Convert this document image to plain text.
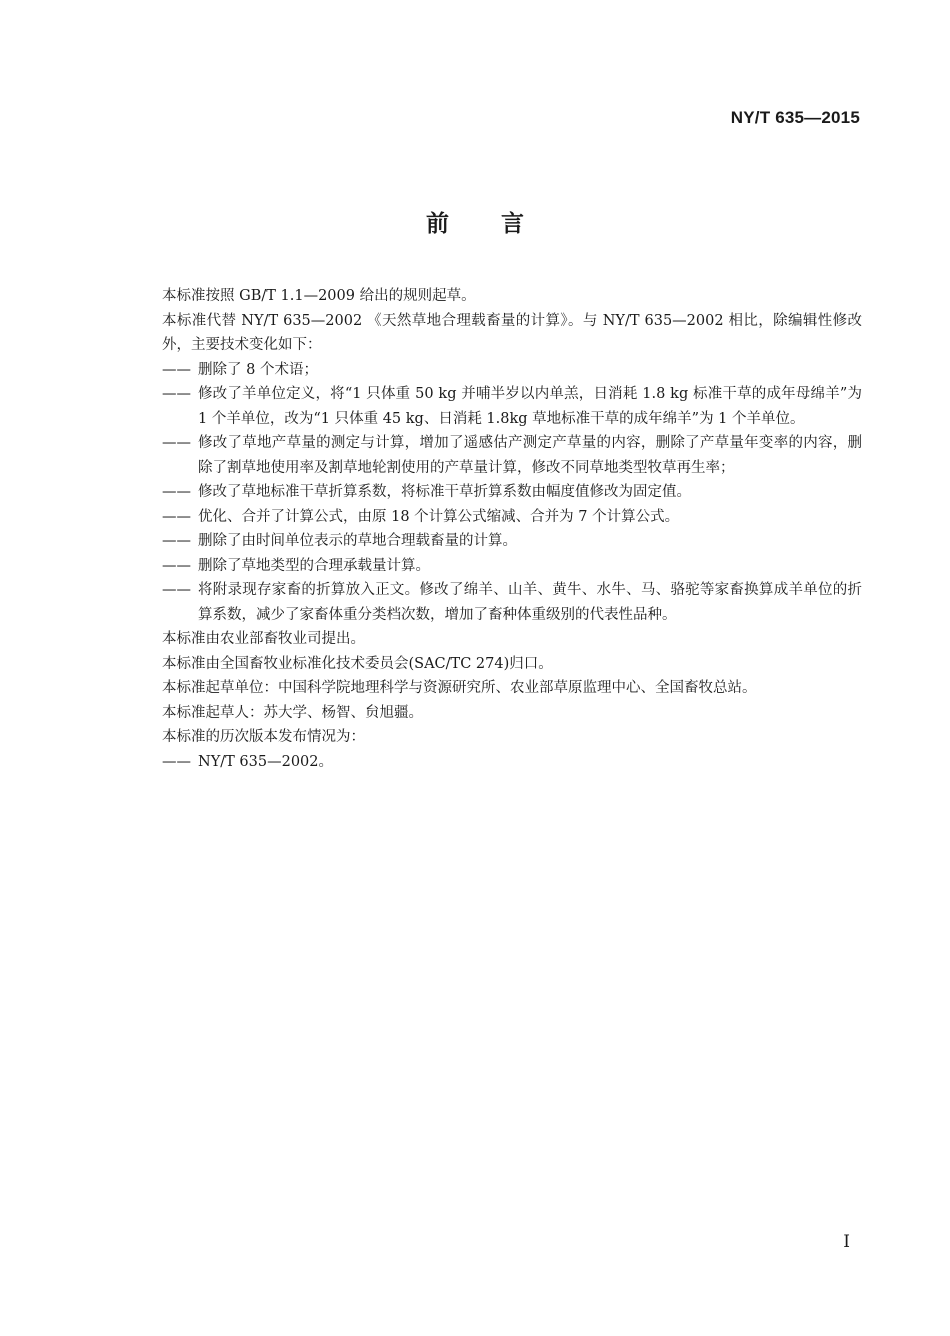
NY/T 635—2015
前言

本标准按照 GB/T 1.1—2009 给出的规则起草。

本标准代替 NY/T 635—2002 《天然草地合理载畜量的计算》。与 NY/T 635—2002 相比，除编辑性修改外，主要技术变化如下：

—— 删除了 8 个术语；
—— 修改了羊单位定义，将“1 只体重 50 kg 并哺半岁以内单羔，日消耗 1.8 kg 标准干草的成年母绵羊”为 1 个羊单位，改为“1 只体重 45 kg、日消耗 1.8kg 草地标准干草的成年绵羊”为 1 个羊单位。
—— 修改了草地产草量的测定与计算，增加了遥感估产测定产草量的内容，删除了产草量年变率的内容，删除了割草地使用率及割草地轮割使用的产草量计算，修改不同草地类型牧草再生率；
—— 修改了草地标准干草折算系数，将标准干草折算系数由幅度值修改为固定值。
—— 优化、合并了计算公式，由原 18 个计算公式缩减、合并为 7 个计算公式。
—— 删除了由时间单位表示的草地合理载畜量的计算。
—— 删除了草地类型的合理承载量计算。
—— 将附录现存家畜的折算放入正文。修改了绵羊、山羊、黄牛、水牛、马、骆驼等家畜换算成羊单位的折算系数，减少了家畜体重分类档次数，增加了畜种体重级别的代表性品种。

本标准由农业部畜牧业司提出。

本标准由全国畜牧业标准化技术委员会(SAC/TC 274)归口。

本标准起草单位：中国科学院地理科学与资源研究所、农业部草原监理中心、全国畜牧总站。

本标准起草人：苏大学、杨智、贠旭疆。

本标准的历次版本发布情况为：

—— NY/T 635—2002。
I
